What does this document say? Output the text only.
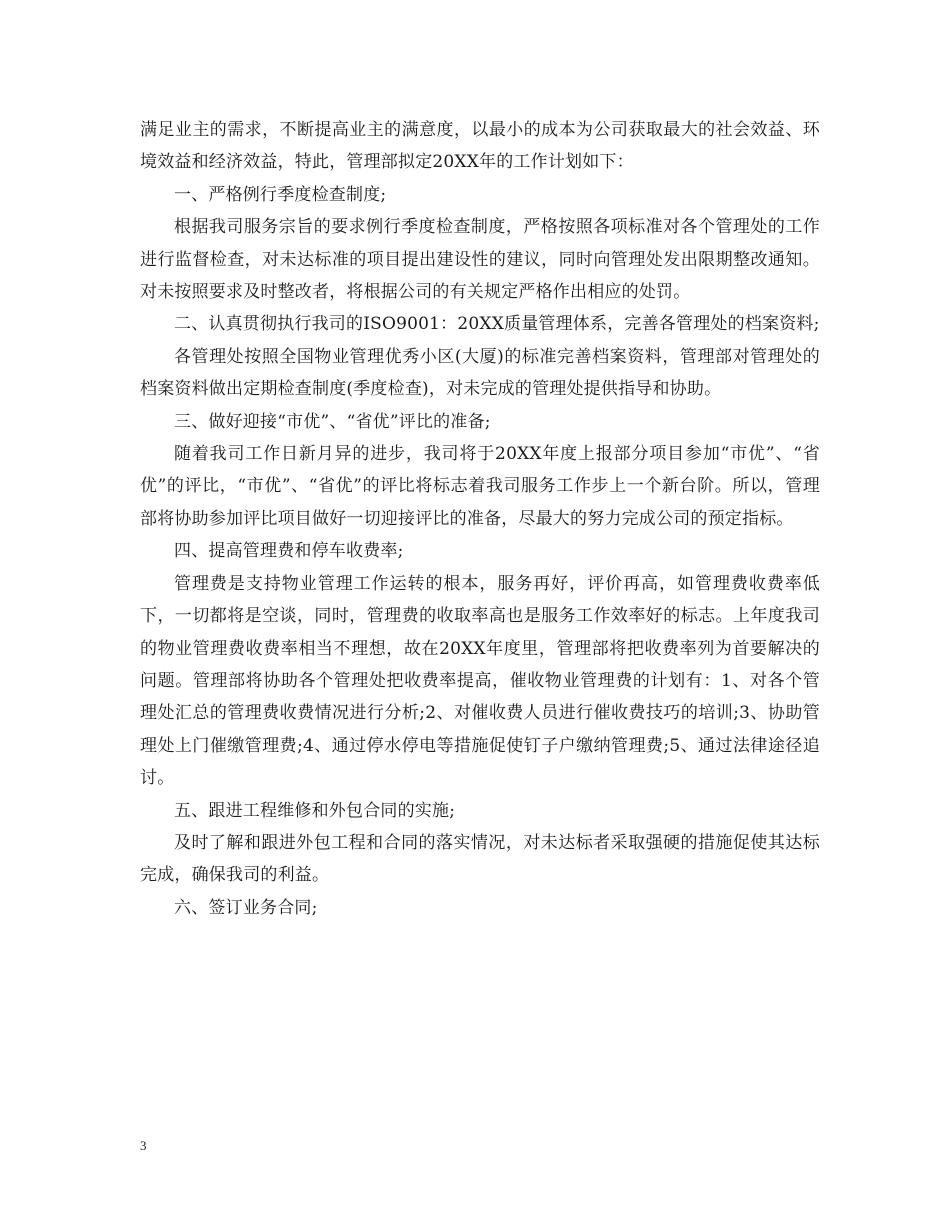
满足业主的需求，不断提高业主的满意度，以最小的成本为公司获取最大的社会效益、环境效益和经济效益，特此，管理部拟定20XX年的工作计划如下：

一、严格例行季度检查制度;

根据我司服务宗旨的要求例行季度检查制度，严格按照各项标准对各个管理处的工作进行监督检查，对未达标准的项目提出建设性的建议，同时向管理处发出限期整改通知。对未按照要求及时整改者，将根据公司的有关规定严格作出相应的处罚。

二、认真贯彻执行我司的ISO9001：20XX质量管理体系，完善各管理处的档案资料;

各管理处按照全国物业管理优秀小区(大厦)的标准完善档案资料，管理部对管理处的档案资料做出定期检查制度(季度检查)，对未完成的管理处提供指导和协助。

三、做好迎接“市优”、“省优”评比的准备;

随着我司工作日新月异的进步，我司将于20XX年度上报部分项目参加“市优”、“省优”的评比，“市优”、“省优”的评比将标志着我司服务工作步上一个新台阶。所以，管理部将协助参加评比项目做好一切迎接评比的准备，尽最大的努力完成公司的预定指标。

四、提高管理费和停车收费率;

管理费是支持物业管理工作运转的根本，服务再好，评价再高，如管理费收费率低下，一切都将是空谈，同时，管理费的收取率高也是服务工作效率好的标志。上年度我司的物业管理费收费率相当不理想，故在20XX年度里，管理部将把收费率列为首要解决的问题。管理部将协助各个管理处把收费率提高，催收物业管理费的计划有：1、对各个管理处汇总的管理费收费情况进行分析;2、对催收费人员进行催收费技巧的培训;3、协助管理处上门催缴管理费;4、通过停水停电等措施促使钉子户缴纳管理费;5、通过法律途径追讨。

五、跟进工程维修和外包合同的实施;

及时了解和跟进外包工程和合同的落实情况，对未达标者采取强硬的措施促使其达标完成，确保我司的利益。

六、签订业务合同;

3
